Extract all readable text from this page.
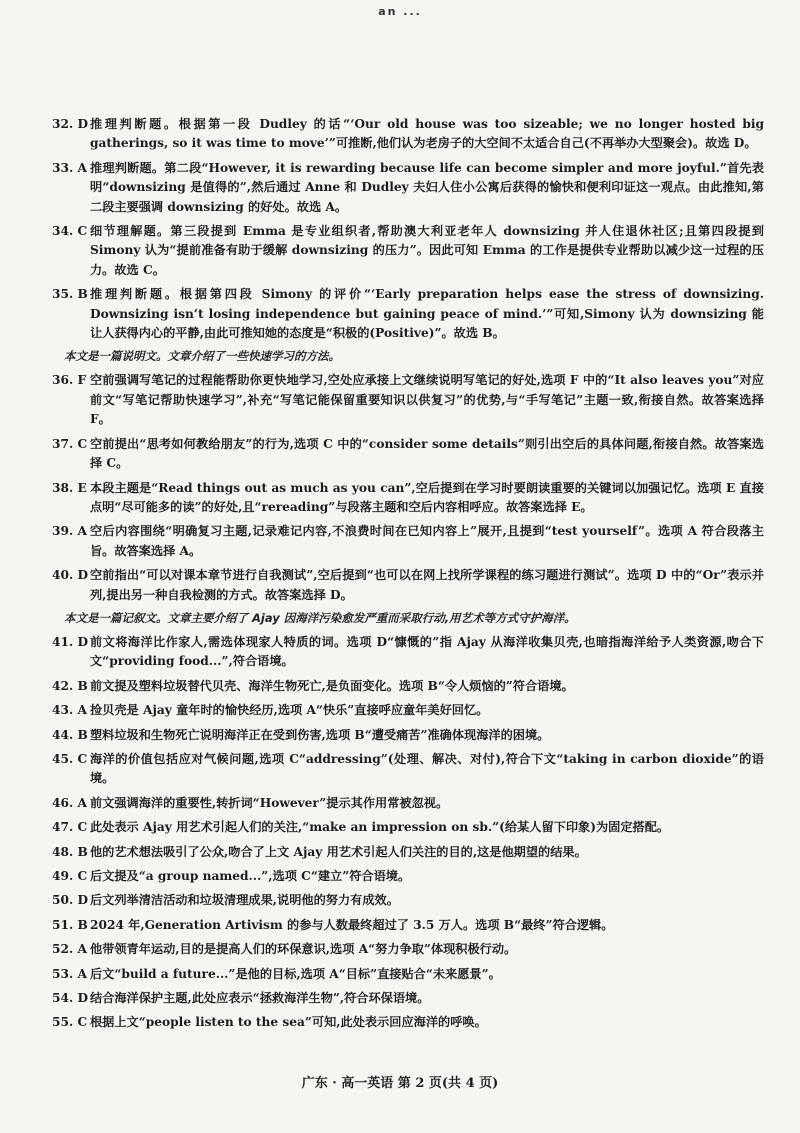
an ...
32. D 推理判断题。根据第一段 Dudley 的话“‘Our old house was too sizeable; we no longer hosted big gatherings, so it was time to move’”可推断,他们认为老房子的大空间不太适合自己(不再举办大型聚会)。故选 D。
33. A 推理判断题。第二段“However, it is rewarding because life can become simpler and more joyful.”首先表明“downsizing 是值得的”,然后通过 Anne 和 Dudley 夫妇人住小公寓后获得的愉快和便利印证这一观点。由此推知,第二段主要强调 downsizing 的好处。故选 A。
34. C 细节理解题。第三段提到 Emma 是专业组织者,帮助澳大利亚老年人 downsizing 并人住退休社区;且第四段提到 Simony 认为“提前准备有助于缓解 downsizing 的压力”。因此可知 Emma 的工作是提供专业帮助以减少这一过程的压力。故选 C。
35. B 推理判断题。根据第四段 Simony 的评价“‘Early preparation helps ease the stress of downsizing. Downsizing isn’t losing independence but gaining peace of mind.’”可知,Simony 认为 downsizing 能让人获得内心的平静,由此可推知她的态度是“积极的(Positive)”。故选 B。
本文是一篇说明文。文章介绍了一些快速学习的方法。
36. F 空前强调写笔记的过程能帮助你更快地学习,空处应承接上文继续说明写笔记的好处,选项 F 中的“It also leaves you”对应前文“写笔记帮助快速学习”,补充“写笔记能保留重要知识以供复习”的优势,与“手写笔记”主题一致,衔接自然。故答案选择 F。
37. C 空前提出“思考如何教给朋友”的行为,选项 C 中的“consider some details”则引出空后的具体问题,衔接自然。故答案选择 C。
38. E 本段主题是“Read things out as much as you can”,空后提到在学习时要朗读重要的关键词以加强记忆。选项 E 直接点明“尽可能多的读”的好处,且“rereading”与段落主题和空后内容相呼应。故答案选择 E。
39. A 空后内容围绕“明确复习主题,记录难记内容,不浪费时间在已知内容上”展开,且提到“test yourself”。选项 A 符合段落主旨。故答案选择 A。
40. D 空前指出“可以对课本章节进行自我测试”,空后提到“也可以在网上找所学课程的练习题进行测试”。选项 D 中的“Or”表示并列,提出另一种自我检测的方式。故答案选择 D。
本文是一篇记叙文。文章主要介绍了 Ajay 因海洋污染愈发严重而采取行动,用艺术等方式守护海洋。
41. D 前文将海洋比作家人,需选体现家人特质的词。选项 D“慷慨的”指 Ajay 从海洋收集贝壳,也暗指海洋给予人类资源,吻合下文“providing food...”,符合语境。
42. B 前文提及塑料垃圾替代贝壳、海洋生物死亡,是负面变化。选项 B“令人烦恼的”符合语境。
43. A 捡贝壳是 Ajay 童年时的愉快经历,选项 A“快乐”直接呼应童年美好回忆。
44. B 塑料垃圾和生物死亡说明海洋正在受到伤害,选项 B“遭受痛苦”准确体现海洋的困境。
45. C 海洋的价值包括应对气候问题,选项 C“addressing”(处理、解决、对付),符合下文“taking in carbon dioxide”的语境。
46. A 前文强调海洋的重要性,转折词“However”提示其作用常被忽视。
47. C 此处表示 Ajay 用艺术引起人们的关注,“make an impression on sb.”(给某人留下印象)为固定搭配。
48. B 他的艺术想法吸引了公众,吻合了上文 Ajay 用艺术引起人们关注的目的,这是他期望的结果。
49. C 后文提及“a group named...”,选项 C“建立”符合语境。
50. D 后文列举清洁活动和垃圾清理成果,说明他的努力有成效。
51. B 2024 年,Generation Artivism 的参与人数最终超过了 3.5 万人。选项 B“最终”符合逻辑。
52. A 他带领青年运动,目的是提高人们的环保意识,选项 A“努力争取”体现积极行动。
53. A 后文“build a future...”是他的目标,选项 A“目标”直接贴合“未来愿景”。
54. D 结合海洋保护主题,此处应表示“拯救海洋生物”,符合环保语境。
55. C 根据上文“people listen to the sea”可知,此处表示回应海洋的呼唤。
广东 · 高一英语 第 2 页(共 4 页)
